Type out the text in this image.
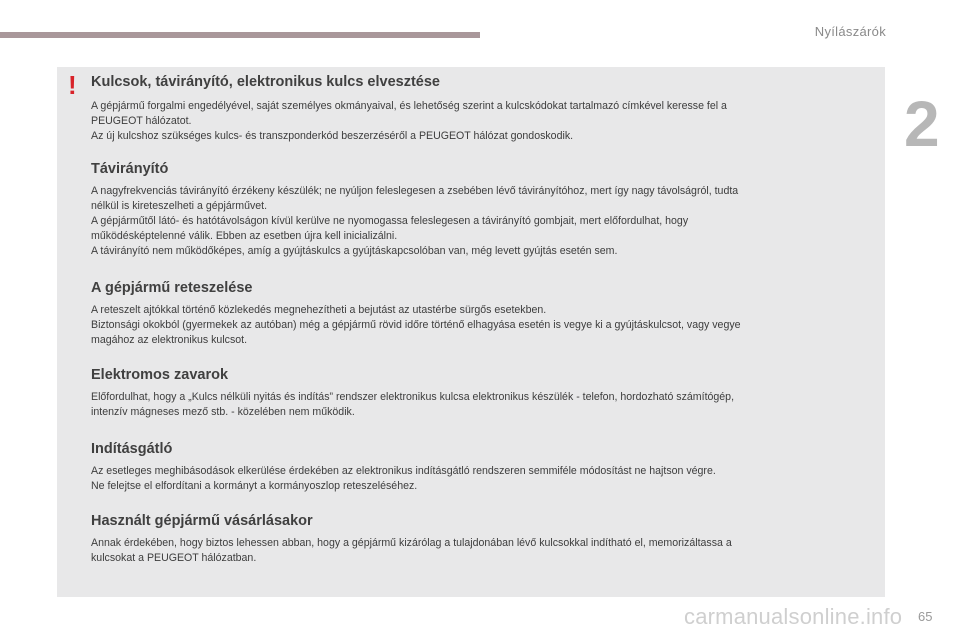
Nyílászárók
2
! Kulcsok, távirányító, elektronikus kulcs elvesztése

A gépjármű forgalmi engedélyével, saját személyes okmányaival, és lehetőség szerint a kulcskódokat tartalmazó címkével keresse fel a

PEUGEOT hálózatot.

Az új kulcshoz szükséges kulcs- és transzponderkód beszerzéséről a PEUGEOT hálózat gondoskodik.

Távirányító

A nagyfrekvenciás távirányító érzékeny készülék; ne nyúljon feleslegesen a zsebében lévő távirányítóhoz, mert így nagy távolságról, tudta

nélkül is kireteszelheti a gépjárművet.

A gépjárműtől látó- és hatótávolságon kívül kerülve ne nyomogassa feleslegesen a távirányító gombjait, mert előfordulhat, hogy

működésképtelenné válik. Ebben az esetben újra kell inicializálni.

A távirányító nem működőképes, amíg a gyújtáskulcs a gyújtáskapcsolóban van, még levett gyújtás esetén sem.

A gépjármű reteszelése

A reteszelt ajtókkal történő közlekedés megnehezítheti a bejutást az utastérbe sürgős esetekben.

Biztonsági okokból (gyermekek az autóban) még a gépjármű rövid időre történő elhagyása esetén is vegye ki a gyújtáskulcsot, vagy vegye

magához az elektronikus kulcsot.

Elektromos zavarok

Előfordulhat, hogy a „Kulcs nélküli nyitás és indítás” rendszer elektronikus kulcsa elektronikus készülék - telefon, hordozható számítógép,

intenzív mágneses mező stb. - közelében nem működik.

Indításgátló

Az esetleges meghibásodások elkerülése érdekében az elektronikus indításgátló rendszeren semmiféle módosítást ne hajtson végre.

Ne felejtse el elfordítani a kormányt a kormányoszlop reteszeléséhez.

Használt gépjármű vásárlásakor

Annak érdekében, hogy biztos lehessen abban, hogy a gépjármű kizárólag a tulajdonában lévő kulcsokkal indítható el, memorizáltassa a

kulcsokat a PEUGEOT hálózatban.

carmanualsonline.info 65
